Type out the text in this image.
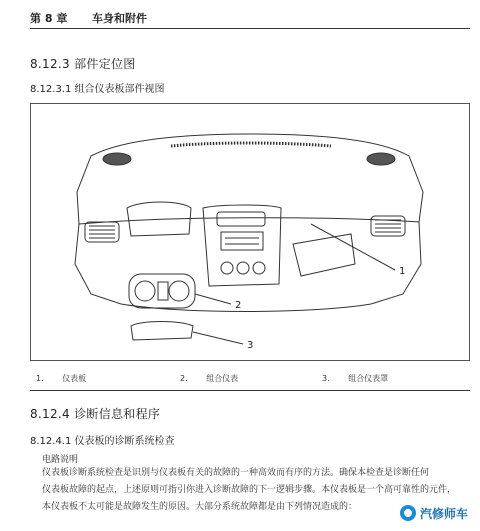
第 8 章 车身和附件
8.12.3 部件定位图
8.12.3.1 组合仪表板部件视图
1
2
3
1. 仪表板	2. 组合仪表	3. 组合仪表罩
8.12.4 诊断信息和程序
8.12.4.1 仪表板的诊断系统检查
电路说明
仪表板诊断系统检查是识别与仪表板有关的故障的一种高效而有序的方法。确保本检查是诊断任何
仪表板故障的起点，上述原则可指引你进入诊断故障的下一逻辑步骤。本仪表板是一个高可靠性的元件，
本仪表板不太可能是故障发生的原因。大部分系统故障都是由下列情况造成的：	汽修师车
